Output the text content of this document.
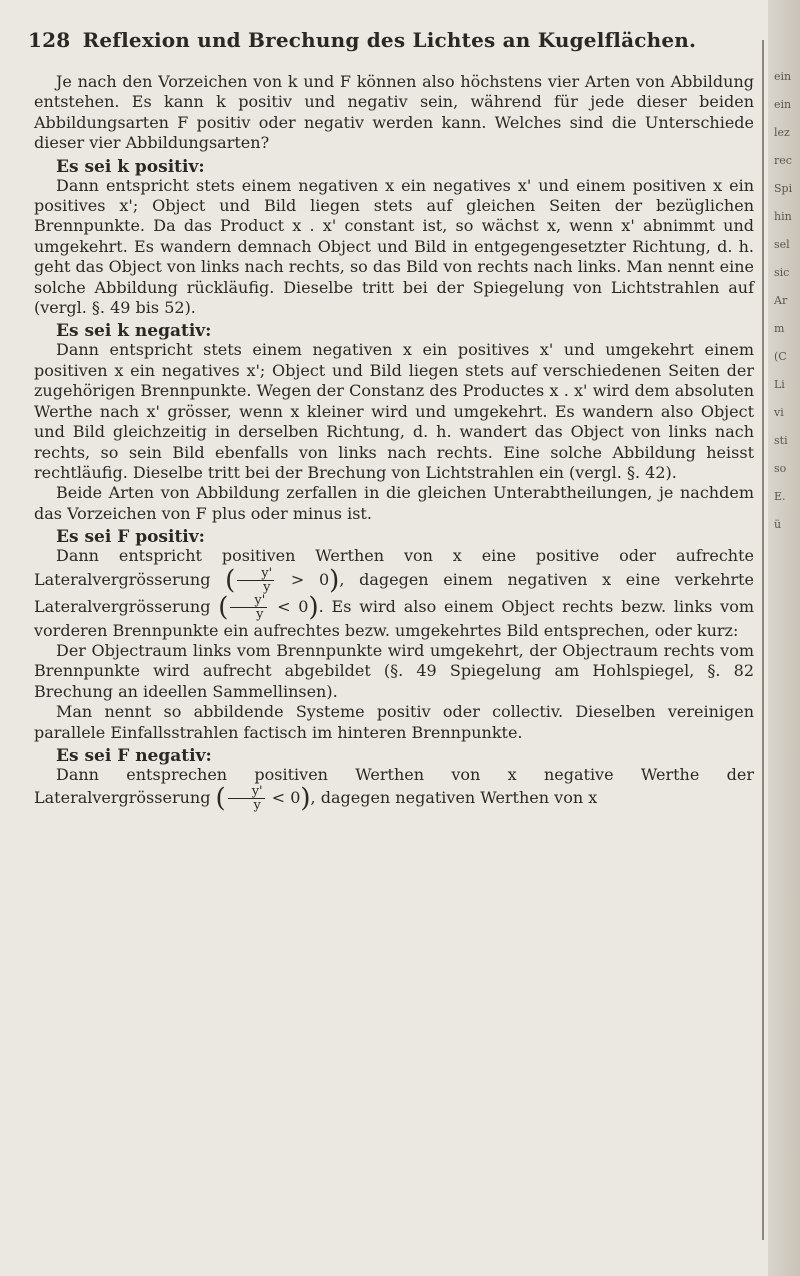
128 Reflexion und Brechung des Lichtes an Kugelflächen.

Je nach den Vorzeichen von k und F können also höchstens vier Arten von Abbildung entstehen. Es kann k positiv und negativ sein, während für jede dieser beiden Abbildungsarten F positiv oder negativ werden kann. Welches sind die Unterschiede dieser vier Abbildungsarten?

Es sei k positiv:

Dann entspricht stets einem negativen x ein negatives x' und einem positiven x ein positives x'; Object und Bild liegen stets auf gleichen Seiten der bezüglichen Brennpunkte. Da das Product x . x' constant ist, so wächst x, wenn x' abnimmt und umgekehrt. Es wandern demnach Object und Bild in entgegengesetzter Richtung, d. h. geht das Object von links nach rechts, so das Bild von rechts nach links. Man nennt eine solche Abbildung rückläufig. Dieselbe tritt bei der Spiegelung von Lichtstrahlen auf (vergl. §. 49 bis 52).

Es sei k negativ:

Dann entspricht stets einem negativen x ein positives x' und umgekehrt einem positiven x ein negatives x'; Object und Bild liegen stets auf verschiedenen Seiten der zugehörigen Brennpunkte. Wegen der Constanz des Productes x . x' wird dem absoluten Werthe nach x' grösser, wenn x kleiner wird und umgekehrt. Es wandern also Object und Bild gleichzeitig in derselben Richtung, d. h. wandert das Object von links nach rechts, so sein Bild ebenfalls von links nach rechts. Eine solche Abbildung heisst rechtläufig. Dieselbe tritt bei der Brechung von Lichtstrahlen ein (vergl. §. 42).

Beide Arten von Abbildung zerfallen in die gleichen Unterabtheilungen, je nachdem das Vorzeichen von F plus oder minus ist.

Es sei F positiv:

Dann entspricht positiven Werthen von x eine positive oder aufrechte Lateralvergrösserung ( $\frac{y'}{y} > 0$), dagegen einem negativen x eine verkehrte Lateralvergrösserung ( $\frac{y'}{y} < 0$). Es wird also einem Object rechts bezw. links vom vorderen Brennpunkte ein aufrechtes bezw. umgekehrtes Bild entsprechen, oder kurz:

Der Objectraum links vom Brennpunkte wird umgekehrt, der Objectraum rechts vom Brennpunkte wird aufrecht abgebildet (§. 49 Spiegelung am Hohlspiegel, §. 82 Brechung an ideellen Sammellinsen).

Man nennt so abbildende Systeme positiv oder collectiv. Dieselben vereinigen parallele Einfallsstrahlen factisch im hinteren Brennpunkte.

Es sei F negativ:

Dann entsprechen positiven Werthen von x negative Werthe der Lateralvergrösserung ( $\frac{y'}{y} < 0$), dagegen negativen Werthen von x

ein
ein
lez
rec
Spi
hin
sel
sic
Ar
m
(C
Li
vi
sti
so
E.
ü
